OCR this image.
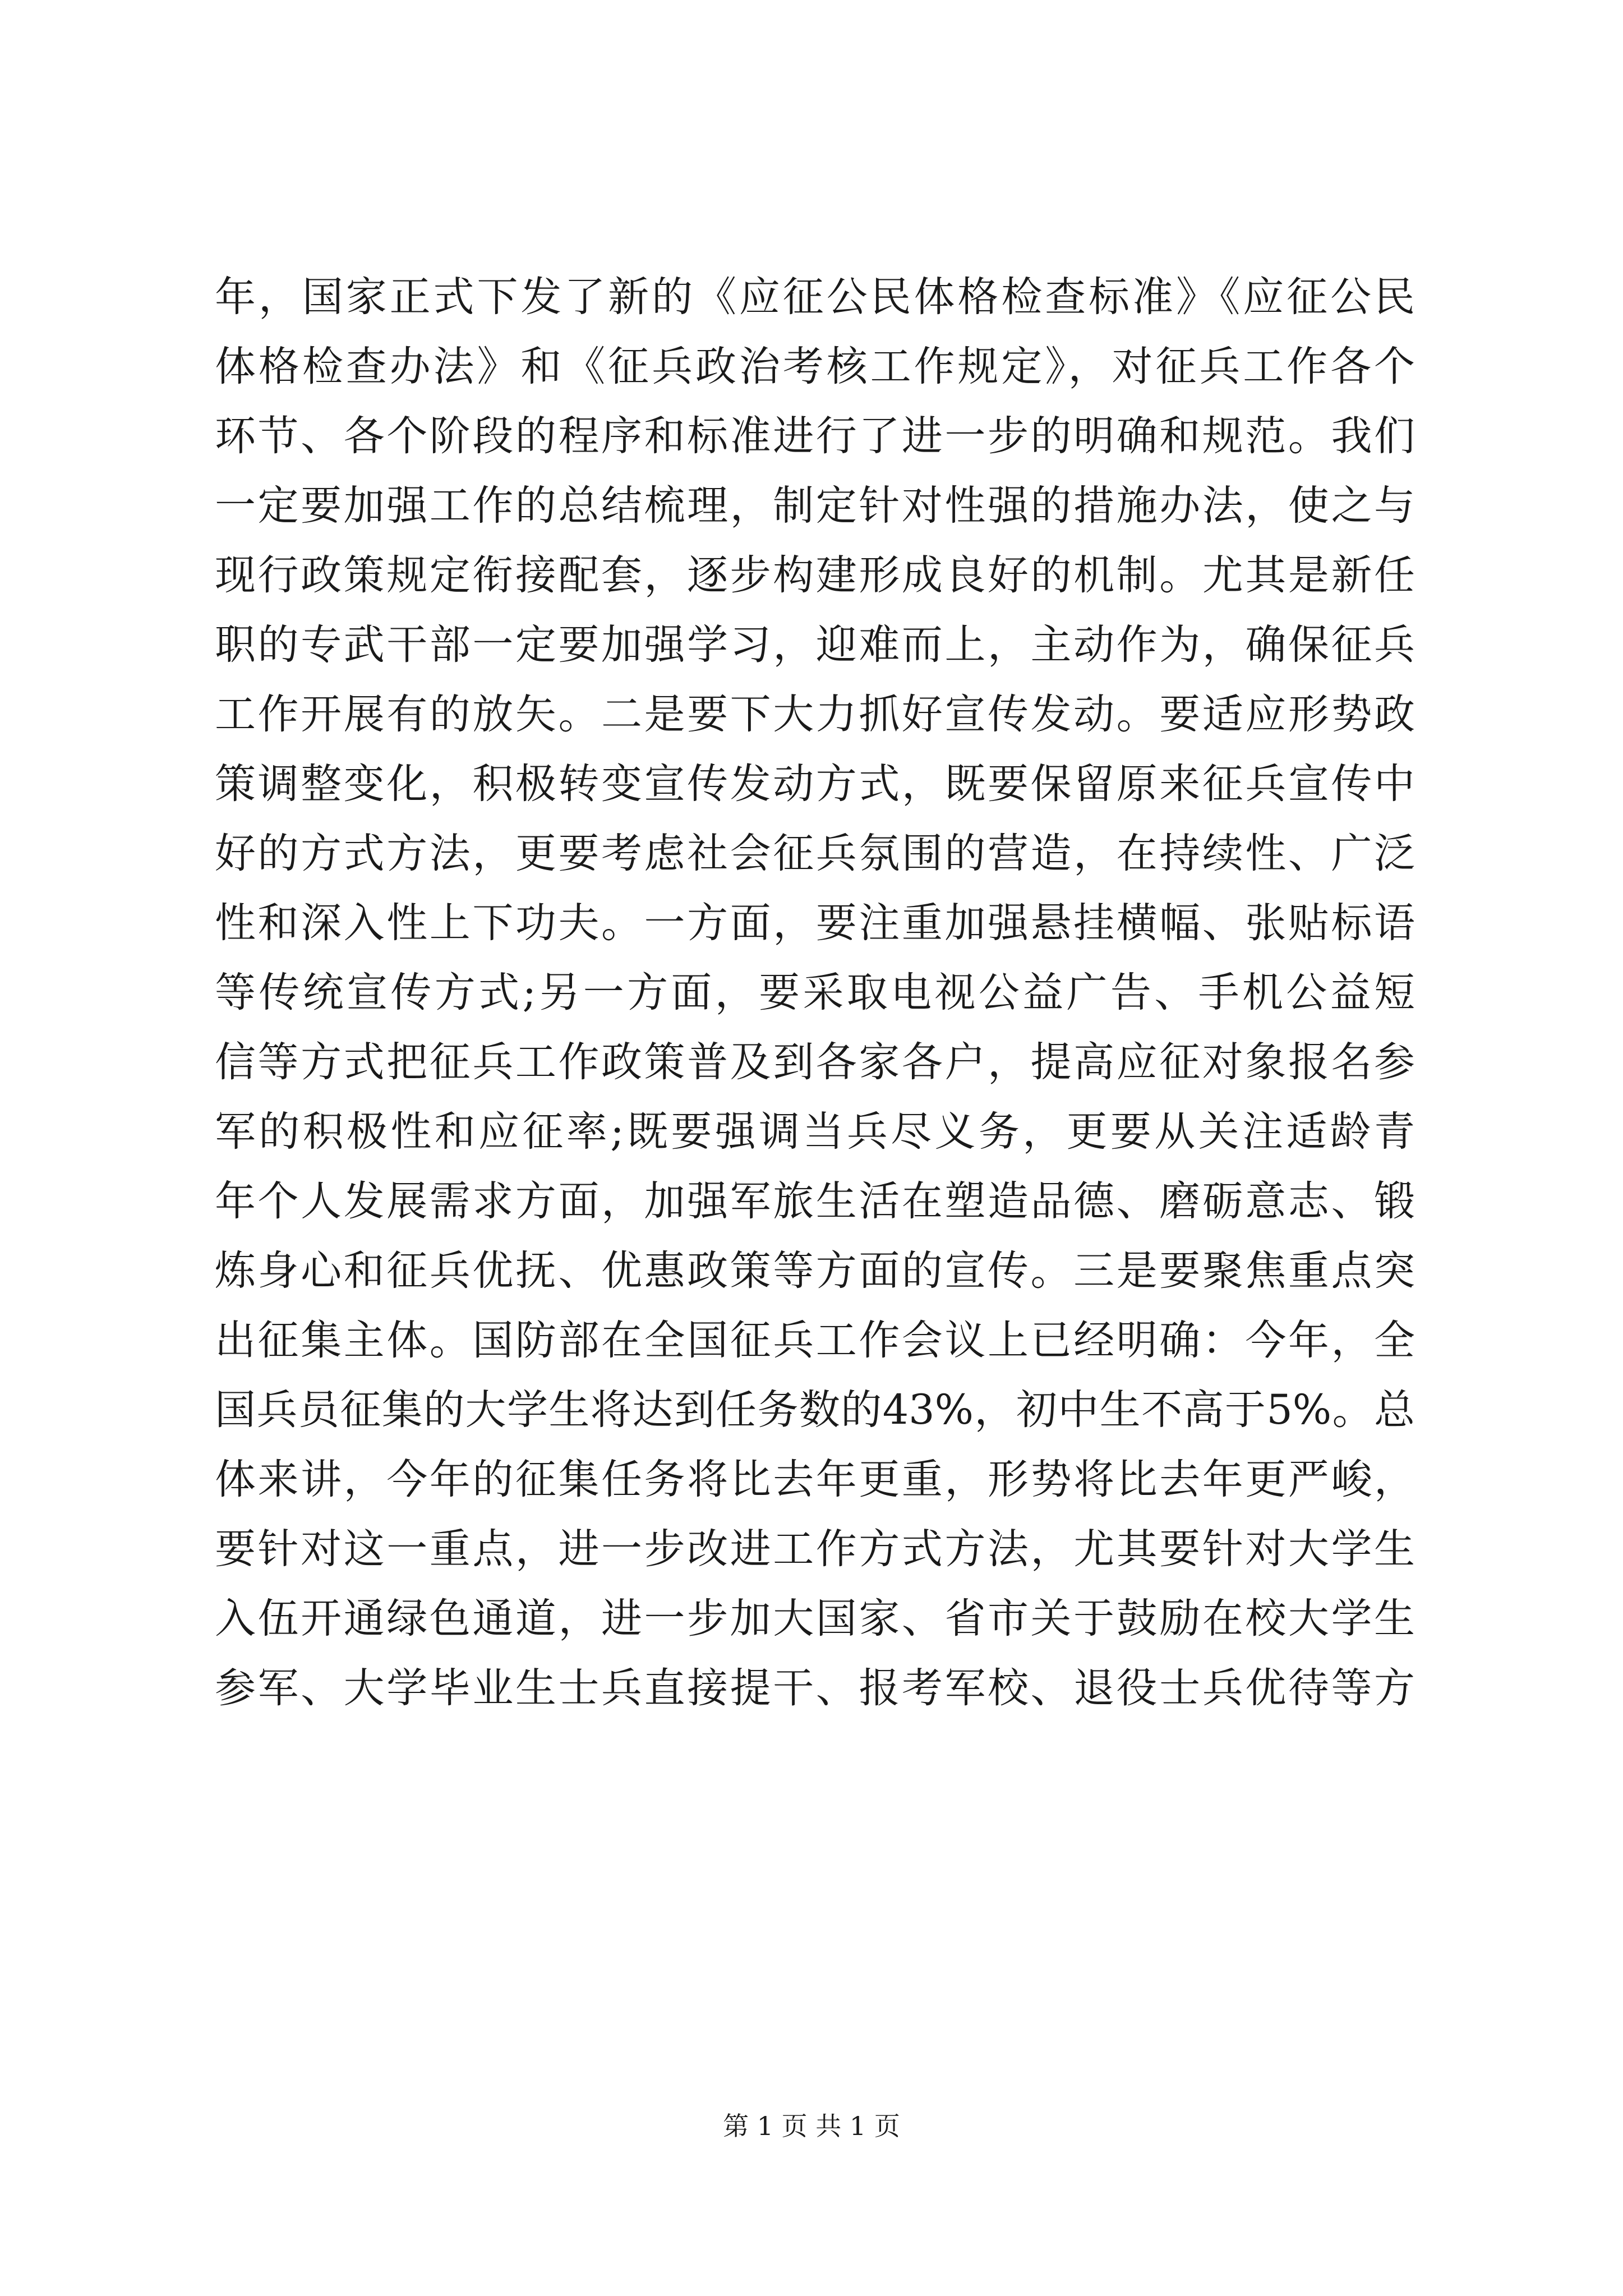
年，国家正式下发了新的《应征公民体格检查标准》《应征公民
体格检查办法》和《征兵政治考核工作规定》，对征兵工作各个
环节、各个阶段的程序和标准进行了进一步的明确和规范。我们
一定要加强工作的总结梳理，制定针对性强的措施办法，使之与
现行政策规定衔接配套，逐步构建形成良好的机制。尤其是新任
职的专武干部一定要加强学习，迎难而上，主动作为，确保征兵
工作开展有的放矢。二是要下大力抓好宣传发动。要适应形势政
策调整变化，积极转变宣传发动方式，既要保留原来征兵宣传中
好的方式方法，更要考虑社会征兵氛围的营造，在持续性、广泛
性和深入性上下功夫。一方面，要注重加强悬挂横幅、张贴标语
等传统宣传方式;另一方面，要采取电视公益广告、手机公益短
信等方式把征兵工作政策普及到各家各户，提高应征对象报名参
军的积极性和应征率;既要强调当兵尽义务，更要从关注适龄青
年个人发展需求方面，加强军旅生活在塑造品德、磨砺意志、锻
炼身心和征兵优抚、优惠政策等方面的宣传。三是要聚焦重点突
出征集主体。国防部在全国征兵工作会议上已经明确：今年，全
国兵员征集的大学生将达到任务数的43%，初中生不高于5%。总
体来讲，今年的征集任务将比去年更重，形势将比去年更严峻，
要针对这一重点，进一步改进工作方式方法，尤其要针对大学生
入伍开通绿色通道，进一步加大国家、省市关于鼓励在校大学生
参军、大学毕业生士兵直接提干、报考军校、退役士兵优待等方
第 1 页 共 1 页
